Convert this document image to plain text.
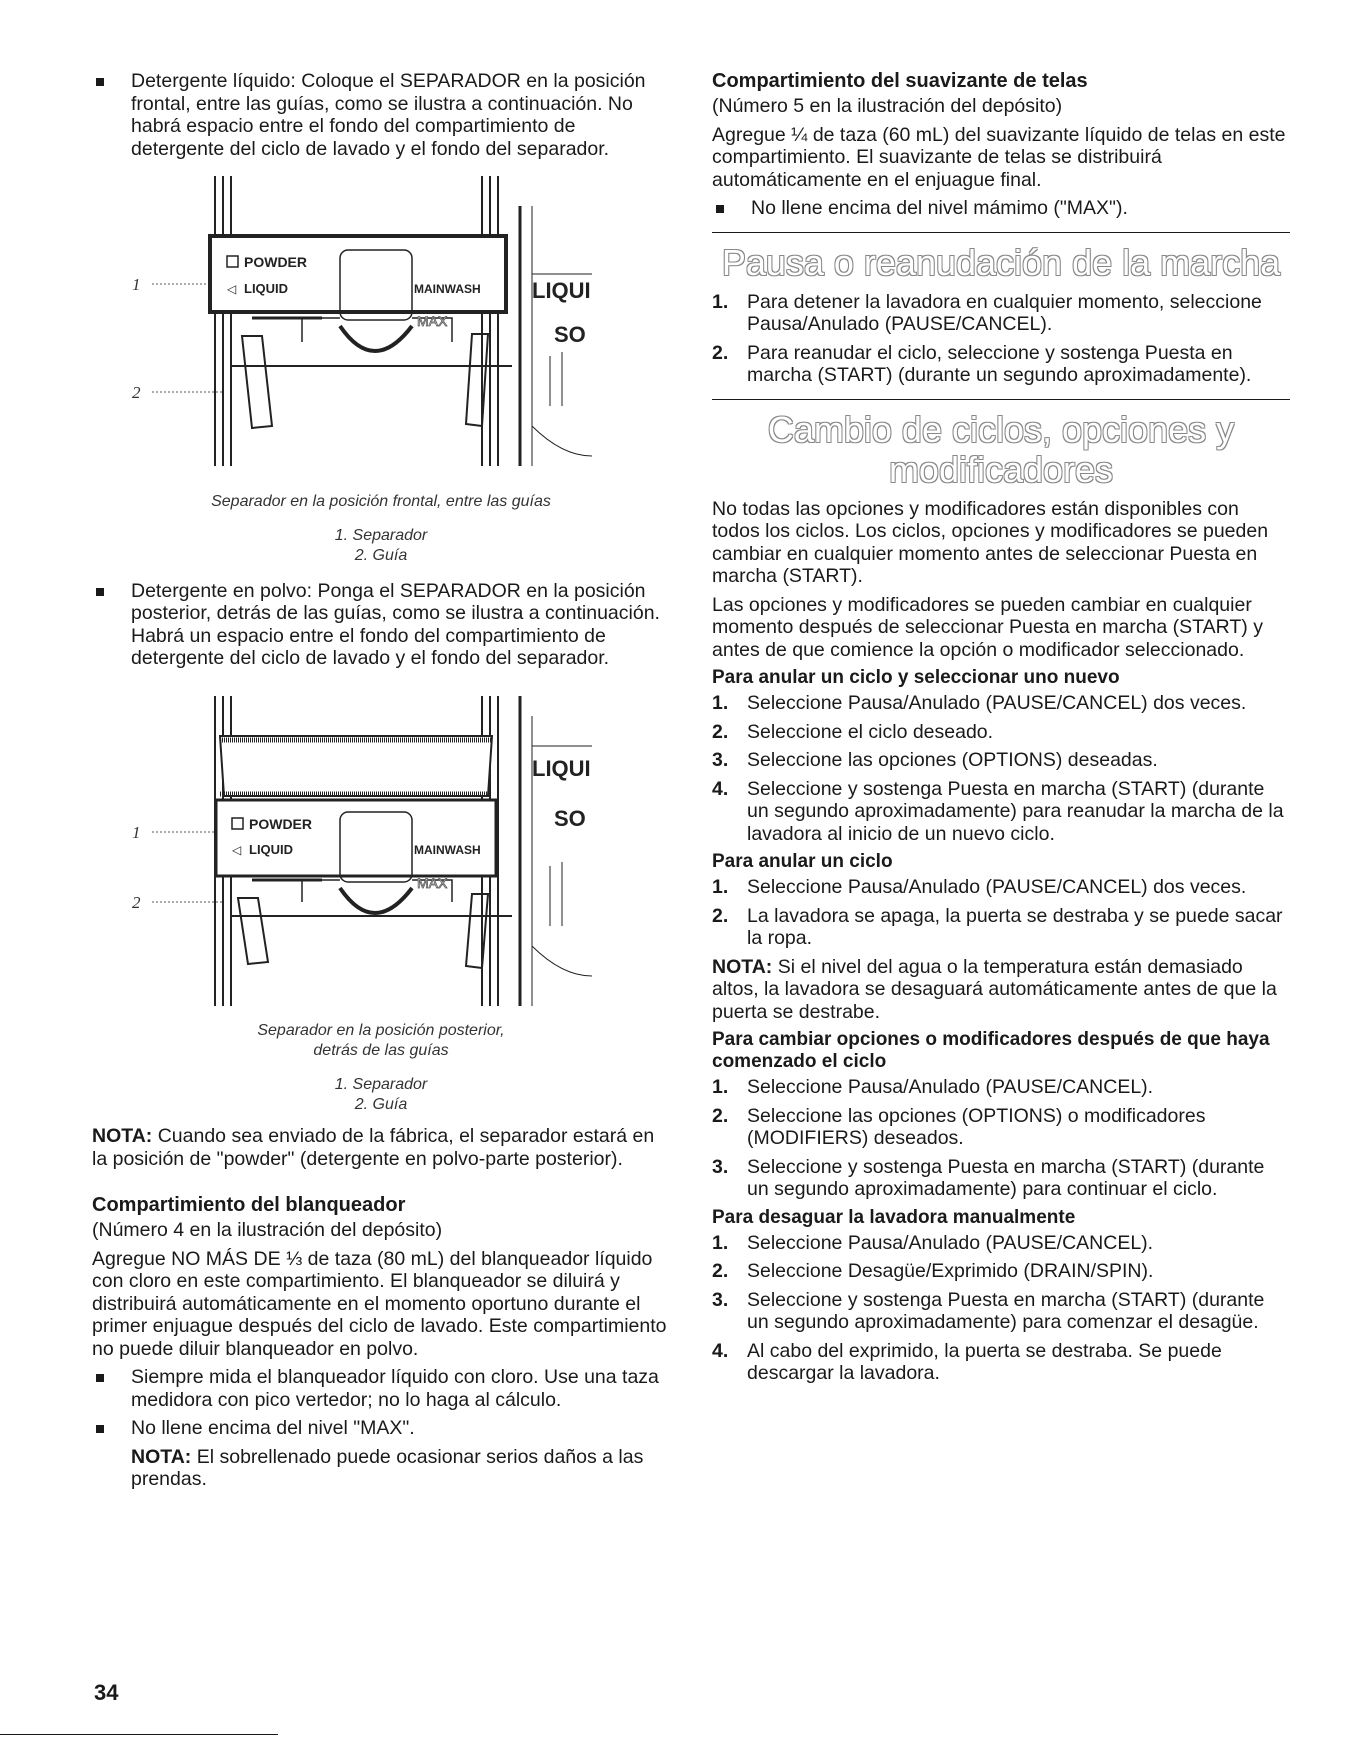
Detergente líquido: Coloque el SEPARADOR en la posición frontal, entre las guías, como se ilustra a continuación. No habrá espacio entre el fondo del compartimiento de detergente del ciclo de lavado y el fondo del separador.
POWDER
◁ LIQUID	MAINWASH
MAX
LIQUI
SO
1
2
Separador en la posición frontal, entre las guías
1. Separador
2. Guía
Detergente en polvo: Ponga el SEPARADOR en la posición posterior, detrás de las guías, como se ilustra a continuación. Habrá un espacio entre el fondo del compartimiento de detergente del ciclo de lavado y el fondo del separador.
POWDER
◁ LIQUID	MAINWASH
MAX
LIQUI
SO
1
2
Separador en la posición posterior,
detrás de las guías
1. Separador
2. Guía

NOTA: Cuando sea enviado de la fábrica, el separador estará en la posición de "powder" (detergente en polvo-parte posterior).

Compartimiento del blanqueador

(Número 4 en la ilustración del depósito)

Agregue NO MÁS DE ⅓ de taza (80 mL) del blanqueador líquido con cloro en este compartimiento. El blanqueador se diluirá y distribuirá automáticamente en el momento oportuno durante el primer enjuague después del ciclo de lavado. Este compartimiento no puede diluir blanqueador en polvo.

Siempre mida el blanqueador líquido con cloro. Use una taza medidora con pico vertedor; no lo haga al cálculo.
No llene encima del nivel "MAX".

NOTA: El sobrellenado puede ocasionar serios daños a las prendas.

Compartimiento del suavizante de telas

(Número 5 en la ilustración del depósito)

Agregue ¼ de taza (60 mL) del suavizante líquido de telas en este compartimiento. El suavizante de telas se distribuirá automáticamente en el enjuague final.

No llene encima del nivel mámimo ("MAX").
Pausa o reanudación de la marcha
1. Para detener la lavadora en cualquier momento, seleccione Pausa/Anulado (PAUSE/CANCEL).
2. Para reanudar el ciclo, seleccione y sostenga Puesta en marcha (START) (durante un segundo aproximadamente).
Cambio de ciclos, opciones y
modificadores

No todas las opciones y modificadores están disponibles con todos los ciclos. Los ciclos, opciones y modificadores se pueden cambiar en cualquier momento antes de seleccionar Puesta en marcha (START).

Las opciones y modificadores se pueden cambiar en cualquier momento después de seleccionar Puesta en marcha (START) y antes de que comience la opción o modificador seleccionado.

Para anular un ciclo y seleccionar uno nuevo
1. Seleccione Pausa/Anulado (PAUSE/CANCEL) dos veces.
2. Seleccione el ciclo deseado.
3. Seleccione las opciones (OPTIONS) deseadas.
4. Seleccione y sostenga Puesta en marcha (START) (durante un segundo aproximadamente) para reanudar la marcha de la lavadora al inicio de un nuevo ciclo.
Para anular un ciclo
1. Seleccione Pausa/Anulado (PAUSE/CANCEL) dos veces.
2. La lavadora se apaga, la puerta se destraba y se puede sacar la ropa.

NOTA: Si el nivel del agua o la temperatura están demasiado altos, la lavadora se desaguará automáticamente antes de que la puerta se destrabe.

Para cambiar opciones o modificadores después de que haya comenzado el ciclo
1. Seleccione Pausa/Anulado (PAUSE/CANCEL).
2. Seleccione las opciones (OPTIONS) o modificadores (MODIFIERS) deseados.
3. Seleccione y sostenga Puesta en marcha (START) (durante un segundo aproximadamente) para continuar el ciclo.
Para desaguar la lavadora manualmente
1. Seleccione Pausa/Anulado (PAUSE/CANCEL).
2. Seleccione Desagüe/Exprimido (DRAIN/SPIN).
3. Seleccione y sostenga Puesta en marcha (START) (durante un segundo aproximadamente) para comenzar el desagüe.
4. Al cabo del exprimido, la puerta se destraba. Se puede descargar la lavadora.
34
